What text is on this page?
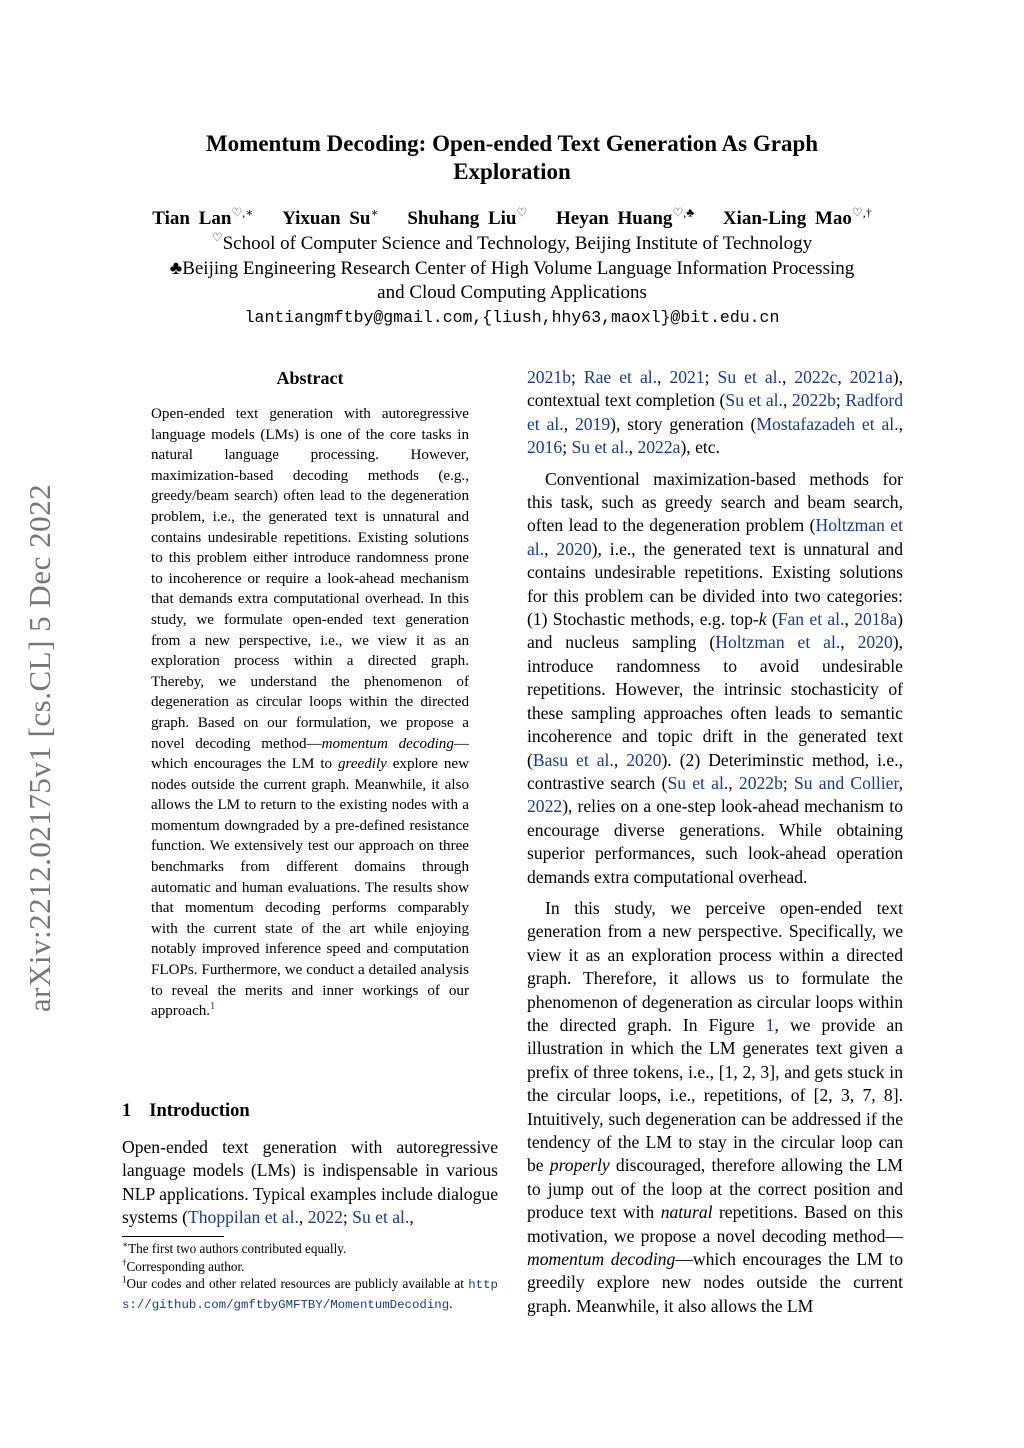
arXiv:2212.02175v1 [cs.CL] 5 Dec 2022
Momentum Decoding: Open-ended Text Generation As Graph Exploration
Tian Lan♡,∗ Yixuan Su∗ Shuhang Liu♡ Heyan Huang♡,♣ Xian-Ling Mao♡,†
♡School of Computer Science and Technology, Beijing Institute of Technology
♣Beijing Engineering Research Center of High Volume Language Information Processing
and Cloud Computing Applications
lantiangmftby@gmail.com,{liush,hhy63,maoxl}@bit.edu.cn
Abstract
Open-ended text generation with autoregressive language models (LMs) is one of the core tasks in natural language processing. However, maximization-based decoding methods (e.g., greedy/beam search) often lead to the degeneration problem, i.e., the generated text is unnatural and contains undesirable repetitions. Existing solutions to this problem either introduce randomness prone to incoherence or require a look-ahead mechanism that demands extra computational overhead. In this study, we formulate open-ended text generation from a new perspective, i.e., we view it as an exploration process within a directed graph. Thereby, we understand the phenomenon of degeneration as circular loops within the directed graph. Based on our formulation, we propose a novel decoding method—momentum decoding—which encourages the LM to greedily explore new nodes outside the current graph. Meanwhile, it also allows the LM to return to the existing nodes with a momentum downgraded by a pre-defined resistance function. We extensively test our approach on three benchmarks from different domains through automatic and human evaluations. The results show that momentum decoding performs comparably with the current state of the art while enjoying notably improved inference speed and computation FLOPs. Furthermore, we conduct a detailed analysis to reveal the merits and inner workings of our approach.$^1$
1 Introduction

Open-ended text generation with autoregressive language models (LMs) is indispensable in various NLP applications. Typical examples include dialogue systems (Thoppilan et al., 2022; Su et al.,

∗The first two authors contributed equally.
†Corresponding author.
$^1$Our codes and other related resources are publicly available at https://github.com/gmftbyGMFTBY/MomentumDecoding.

2021b; Rae et al., 2021; Su et al., 2022c, 2021a), contextual text completion (Su et al., 2022b; Radford et al., 2019), story generation (Mostafazadeh et al., 2016; Su et al., 2022a), etc.

Conventional maximization-based methods for this task, such as greedy search and beam search, often lead to the degeneration problem (Holtzman et al., 2020), i.e., the generated text is unnatural and contains undesirable repetitions. Existing solutions for this problem can be divided into two categories: (1) Stochastic methods, e.g. top-k (Fan et al., 2018a) and nucleus sampling (Holtzman et al., 2020), introduce randomness to avoid undesirable repetitions. However, the intrinsic stochasticity of these sampling approaches often leads to semantic incoherence and topic drift in the generated text (Basu et al., 2020). (2) Deteriminstic method, i.e., contrastive search (Su et al., 2022b; Su and Collier, 2022), relies on a one-step look-ahead mechanism to encourage diverse generations. While obtaining superior performances, such look-ahead operation demands extra computational overhead.

In this study, we perceive open-ended text generation from a new perspective. Specifically, we view it as an exploration process within a directed graph. Therefore, it allows us to formulate the phenomenon of degeneration as circular loops within the directed graph. In Figure 1, we provide an illustration in which the LM generates text given a prefix of three tokens, i.e., [1, 2, 3], and gets stuck in the circular loops, i.e., repetitions, of [2, 3, 7, 8]. Intuitively, such degeneration can be addressed if the tendency of the LM to stay in the circular loop can be properly discouraged, therefore allowing the LM to jump out of the loop at the correct position and produce text with natural repetitions. Based on this motivation, we propose a novel decoding method—momentum decoding—which encourages the LM to greedily explore new nodes outside the current graph. Meanwhile, it also allows the LM
